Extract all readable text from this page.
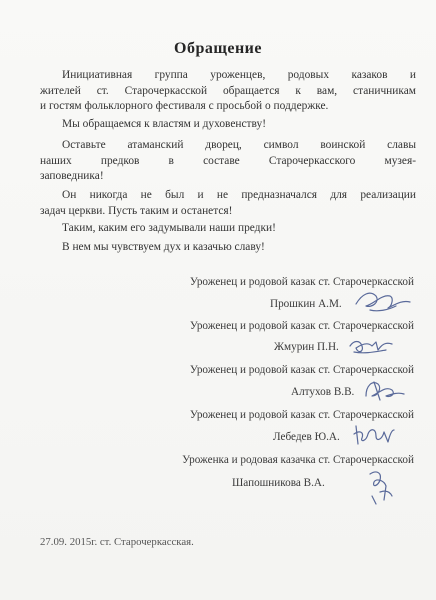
Обращение
Инициативная группа уроженцев, родовых казаков и
жителей ст. Старочеркасской обращается к вам, станичникам
и гостям фольклорного фестиваля с просьбой о поддержке.
Мы обращаемся к властям и духовенству!
Оставьте атаманский дворец, символ воинской славы
наших предков в составе Старочеркасского музея-
заповедника!
Он никогда не был и не предназначался для реализации
задач церкви. Пусть таким и останется!
Таким, каким его задумывали наши предки!
В нем мы чувствуем дух и казачью славу!
Уроженец и родовой казак ст. Старочеркасской
Прошкин А.М.
Уроженец и родовой казак ст. Старочеркасской
Жмурин П.Н.
Уроженец и родовой казак ст. Старочеркасской
Алтухов В.В.
Уроженец и родовой казак ст. Старочеркасской
Лебедев Ю.А.
Уроженка и родовая казачка ст. Старочеркасской
Шапошникова В.А.
27.09. 2015г. ст. Старочеркасская.
